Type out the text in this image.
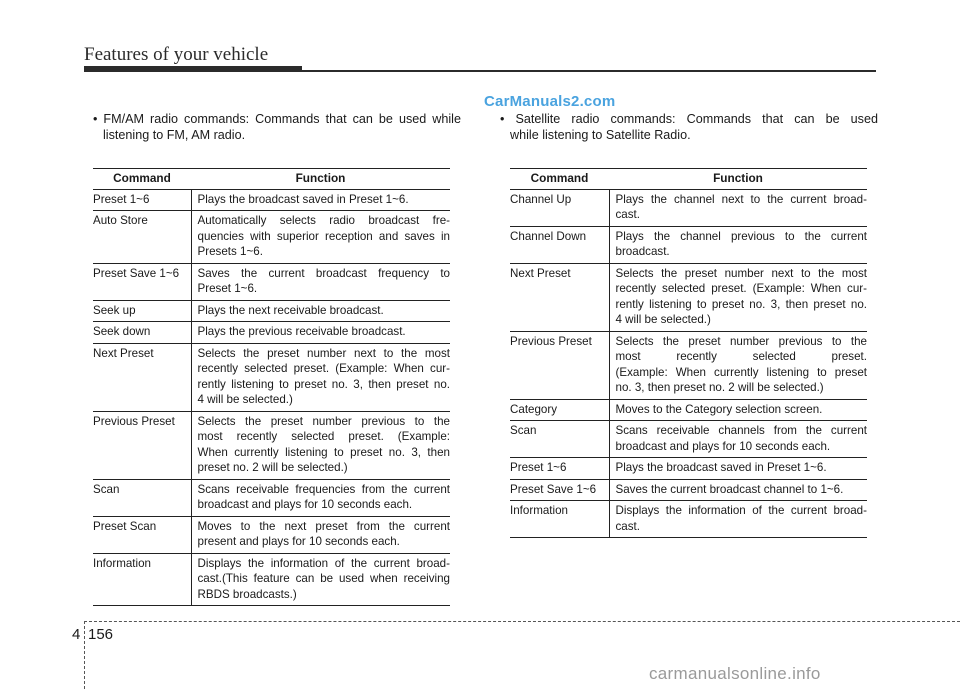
Features of your vehicle
CarManuals2.com
• FM/AM radio commands: Commands that can be used while
listening to FM, AM radio.
• Satellite radio commands: Commands that can be used
while listening to Satellite Radio.
Command	Function
Preset 1~6	Plays the broadcast saved in Preset 1~6.

Auto Store	Automatically selects radio broadcast fre-
quencies with superior reception and saves in
Presets 1~6.

Preset Save 1~6	Saves the current broadcast frequency to
Preset 1~6.

Seek up	Plays the next receivable broadcast.

Seek down	Plays the previous receivable broadcast.

Next Preset	Selects the preset number next to the most
recently selected preset. (Example: When cur-
rently listening to preset no. 3, then preset no.
4 will be selected.)

Previous Preset	Selects the preset number previous to the
most recently selected preset. (Example:
When currently listening to preset no. 3, then
preset no. 2 will be selected.)

Scan	Scans receivable frequencies from the current
broadcast and plays for 10 seconds each.

Preset Scan	Moves to the next preset from the current
present and plays for 10 seconds each.

Information	Displays the information of the current broad-
cast.(This feature can be used when receiving
RBDS broadcasts.)
Command	Function
Channel Up	Plays the channel next to the current broad-
cast.

Channel Down	Plays the channel previous to the current
broadcast.

Next Preset	Selects the preset number next to the most
recently selected preset. (Example: When cur-
rently listening to preset no. 3, then preset no.
4 will be selected.)

Previous Preset	Selects the preset number previous to the
most recently selected preset.
(Example: When currently listening to preset
no. 3, then preset no. 2 will be selected.)

Category	Moves to the Category selection screen.

Scan	Scans receivable channels from the current
broadcast and plays for 10 seconds each.

Preset 1~6	Plays the broadcast saved in Preset 1~6.

Preset Save 1~6	Saves the current broadcast channel to 1~6.

Information	Displays the information of the current broad-
cast.
4 156
carmanualsonline.info
